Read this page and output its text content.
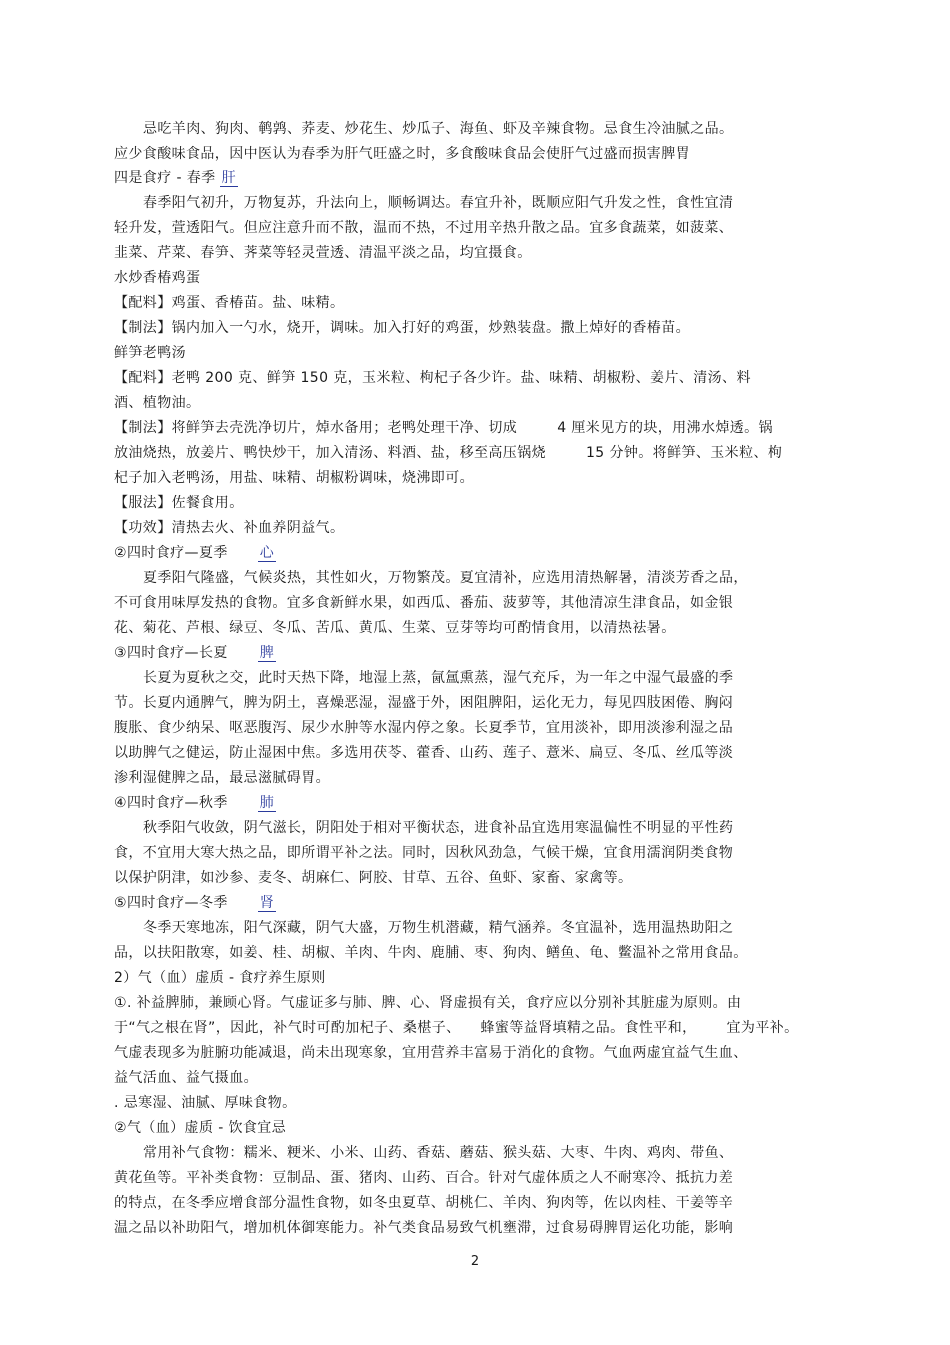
忌吃羊肉、狗肉、鹌鹑、荞麦、炒花生、炒瓜子、海鱼、虾及辛辣食物。忌食生冷油腻之品。

应少食酸味食品，因中医认为春季为肝气旺盛之时，多食酸味食品会使肝气过盛而损害脾胃

四是食疗 - 春季 肝

春季阳气初升，万物复苏，升法向上，顺畅调达。春宜升补，既顺应阳气升发之性，食性宜清

轻升发，萱透阳气。但应注意升而不散，温而不热，不过用辛热升散之品。宜多食蔬菜，如菠菜、

韭菜、芹菜、春笋、荠菜等轻灵萱透、清温平淡之品，均宜摄食。

水炒香椿鸡蛋

【配料】鸡蛋、香椿苗。盐、味精。

【制法】锅内加入一勺水，烧开，调味。加入打好的鸡蛋，炒熟装盘。撒上焯好的香椿苗。

鲜笋老鸭汤

【配料】老鸭 200 克、鲜笋 150 克，玉米粒、枸杞子各少许。盐、味精、胡椒粉、姜片、清汤、料

酒、植物油。

【制法】将鲜笋去壳洗净切片，焯水备用；老鸭处理干净、切成	4 厘米见方的块，用沸水焯透。锅

放油烧热，放姜片、鸭快炒干，加入清汤、料酒、盐，移至高压锅烧	15 分钟。将鲜笋、玉米粒、枸

杞子加入老鸭汤，用盐、味精、胡椒粉调味，烧沸即可。

【服法】佐餐食用。

【功效】清热去火、补血养阴益气。

②四时食疗—夏季 心

夏季阳气隆盛，气候炎热，其性如火，万物繁茂。夏宜清补，应选用清热解暑，清淡芳香之品，

不可食用味厚发热的食物。宜多食新鲜水果，如西瓜、番茄、菠萝等，其他清凉生津食品，如金银

花、菊花、芦根、绿豆、冬瓜、苦瓜、黄瓜、生菜、豆芽等均可酌情食用，以清热祛暑。

③四时食疗—长夏 脾

长夏为夏秋之交，此时天热下降，地湿上蒸，氤氲熏蒸，湿气充斥，为一年之中湿气最盛的季

节。长夏内通脾气，脾为阴土，喜燥恶湿，湿盛于外，困阻脾阳，运化无力，每见四肢困倦、胸闷

腹胀、食少纳呆、呕恶腹泻、尿少水肿等水湿内停之象。长夏季节，宜用淡补，即用淡渗利湿之品

以助脾气之健运，防止湿困中焦。多选用茯苓、藿香、山药、莲子、薏米、扁豆、冬瓜、丝瓜等淡

渗利湿健脾之品，最忌滋腻碍胃。

④四时食疗—秋季 肺

秋季阳气收敛，阴气滋长，阴阳处于相对平衡状态，进食补品宜选用寒温偏性不明显的平性药

食，不宜用大寒大热之品，即所谓平补之法。同时，因秋风劲急，气候干燥，宜食用濡润阴类食物

以保护阴津，如沙参、麦冬、胡麻仁、阿胶、甘草、五谷、鱼虾、家畜、家禽等。

⑤四时食疗—冬季 肾

冬季天寒地冻，阳气深藏，阴气大盛，万物生机潜藏，精气涵养。冬宜温补，选用温热助阳之

品，以扶阳散寒，如姜、桂、胡椒、羊肉、牛肉、鹿脯、枣、狗肉、鳝鱼、龟、鳖温补之常用食品。

2）气（血）虚质 - 食疗养生原则

①. 补益脾肺，兼顾心肾。气虚证多与肺、脾、心、肾虚损有关，食疗应以分别补其脏虚为原则。由

于“气之根在肾”，因此，补气时可酌加杞子、桑椹子、 蜂蜜等益肾填精之品。食性平和， 宜为平补。

气虚表现多为脏腑功能减退，尚未出现寒象，宜用营养丰富易于消化的食物。气血两虚宜益气生血、

益气活血、益气摄血。

. 忌寒湿、油腻、厚味食物。

②气（血）虚质 - 饮食宜忌

常用补气食物：糯米、粳米、小米、山药、香菇、蘑菇、猴头菇、大枣、牛肉、鸡肉、带鱼、

黄花鱼等。平补类食物：豆制品、蛋、猪肉、山药、百合。针对气虚体质之人不耐寒冷、抵抗力差

的特点，在冬季应增食部分温性食物，如冬虫夏草、胡桃仁、羊肉、狗肉等，佐以肉桂、干姜等辛

温之品以补助阳气，增加机体御寒能力。补气类食品易致气机壅滞，过食易碍脾胃运化功能，影响

2
